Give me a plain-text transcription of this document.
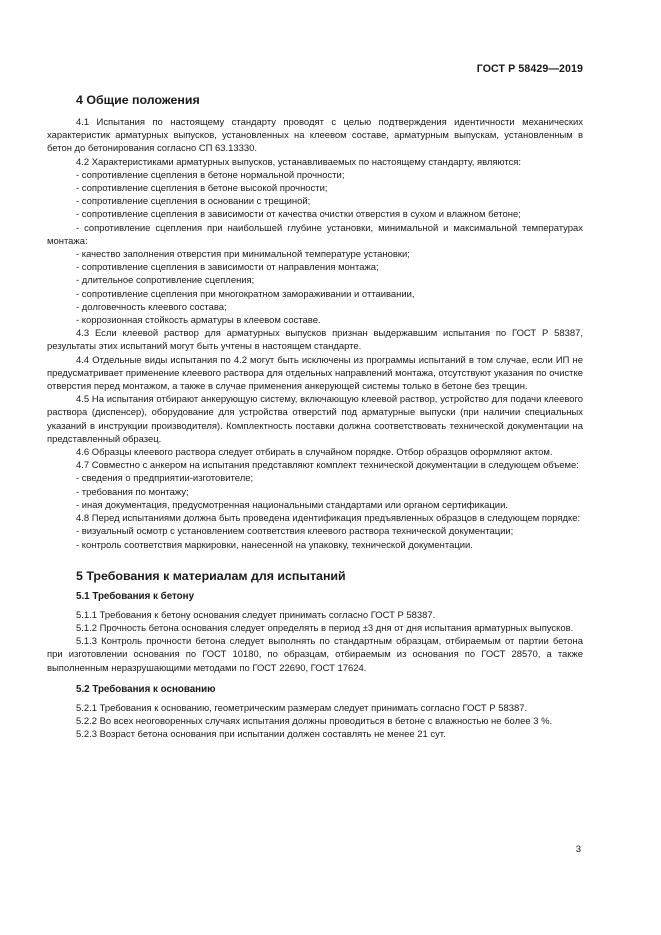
ГОСТ Р 58429—2019
4 Общие положения

4.1 Испытания по настоящему стандарту проводят с целью подтверждения идентичности механических характеристик арматурных выпусков, установленных на клеевом составе, арматурным выпускам, установленным в бетон до бетонирования согласно СП 63.13330.

4.2 Характеристиками арматурных выпусков, устанавливаемых по настоящему стандарту, являются:

- сопротивление сцепления в бетоне нормальной прочности;

- сопротивление сцепления в бетоне высокой прочности;

- сопротивление сцепления в основании с трещиной;

- сопротивление сцепления в зависимости от качества очистки отверстия в сухом и влажном бетоне;

- сопротивление сцепления при наибольшей глубине установки, минимальной и максимальной температурах монтажа:

- качество заполнения отверстия при минимальной температуре установки;

- сопротивление сцепления в зависимости от направления монтажа;

- длительное сопротивление сцепления;

- сопротивление сцепления при многократном замораживании и оттаивании,

- долговечность клеевого состава;

- коррозионная стойкость арматуры в клеевом составе.

4.3 Если клеевой раствор для арматурных выпусков признан выдержавшим испытания по ГОСТ Р 58387, результаты этих испытаний могут быть учтены в настоящем стандарте.

4.4 Отдельные виды испытания по 4.2 могут быть исключены из программы испытаний в том случае, если ИП не предусматривает применение клеевого раствора для отдельных направлений монтажа, отсутствуют указания по очистке отверстия перед монтажом, а также в случае применения анкерующей системы только в бетоне без трещин.

4.5 На испытания отбирают анкерующую систему, включающую клеевой раствор, устройство для подачи клеевого раствора (диспенсер), оборудование для устройства отверстий под арматурные выпуски (при наличии специальных указаний в инструкции производителя). Комплектность поставки должна соответствовать технической документации на представленный образец.

4.6 Образцы клеевого раствора следует отбирать в случайном порядке. Отбор образцов оформляют актом.

4.7 Совместно с анкером на испытания представляют комплект технической документации в следующем объеме:

- сведения о предприятии-изготовителе;

- требования по монтажу;

- иная документация, предусмотренная национальными стандартами или органом сертификации.

4.8 Перед испытаниями должна быть проведена идентификация предъявленных образцов в следующем порядке:

- визуальный осмотр с установлением соответствия клеевого раствора технической документации;

- контроль соответствия маркировки, нанесенной на упаковку, технической документации.

5 Требования к материалам для испытаний
5.1 Требования к бетону

5.1.1 Требования к бетону основания следует принимать согласно ГОСТ Р 58387.

5.1.2 Прочность бетона основания следует определять в период ±3 дня от дня испытания арматурных выпусков.

5.1.3 Контроль прочности бетона следует выполнять по стандартным образцам, отбираемым от партии бетона при изготовлении основания по ГОСТ 10180, по образцам, отбираемым из основания по ГОСТ 28570, а также выполненным неразрушающими методами по ГОСТ 22690, ГОСТ 17624.

5.2 Требования к основанию

5.2.1 Требования к основанию, геометрическим размерам следует принимать согласно ГОСТ Р 58387.

5.2.2 Во всех неоговоренных случаях испытания должны проводиться в бетоне с влажностью не более 3 %.

5.2.3 Возраст бетона основания при испытании должен составлять не менее 21 сут.

3
